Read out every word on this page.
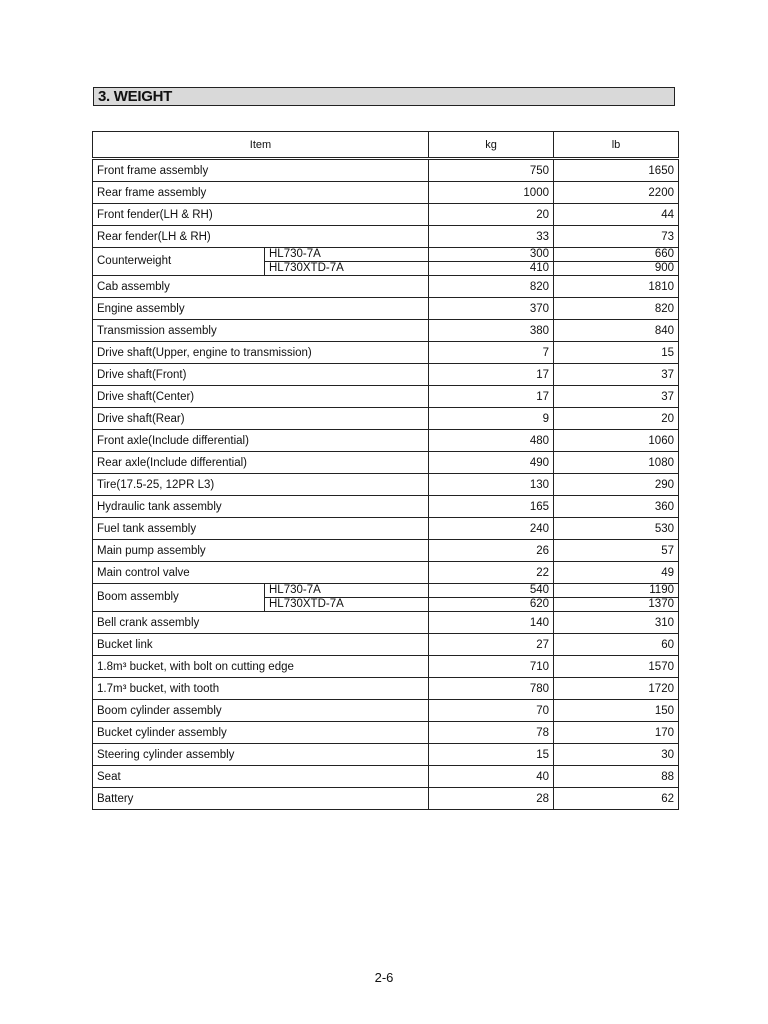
3. WEIGHT
Item		kg	lb
Front frame assembly		750	1650
Rear frame assembly		1000	2200
Front fender(LH & RH)		20	44
Rear fender(LH & RH)		33	73
Counterweight	HL730-7A	300	660
	HL730XTD-7A	410	900
Cab assembly		820	1810
Engine assembly		370	820
Transmission assembly		380	840
Drive shaft(Upper, engine to transmission)		7	15
Drive shaft(Front)		17	37
Drive shaft(Center)		17	37
Drive shaft(Rear)		9	20
Front axle(Include differential)		480	1060
Rear axle(Include differential)		490	1080
Tire(17.5-25, 12PR L3)		130	290
Hydraulic tank assembly		165	360
Fuel tank assembly		240	530
Main pump assembly		26	57
Main control valve		22	49
Boom assembly	HL730-7A	540	1190
	HL730XTD-7A	620	1370
Bell crank assembly		140	310
Bucket link		27	60
1.8m³ bucket, with bolt on cutting edge		710	1570
1.7m³ bucket, with tooth		780	1720
Boom cylinder assembly		70	150
Bucket cylinder assembly		78	170
Steering cylinder assembly		15	30
Seat		40	88
Battery		28	62
2-6
